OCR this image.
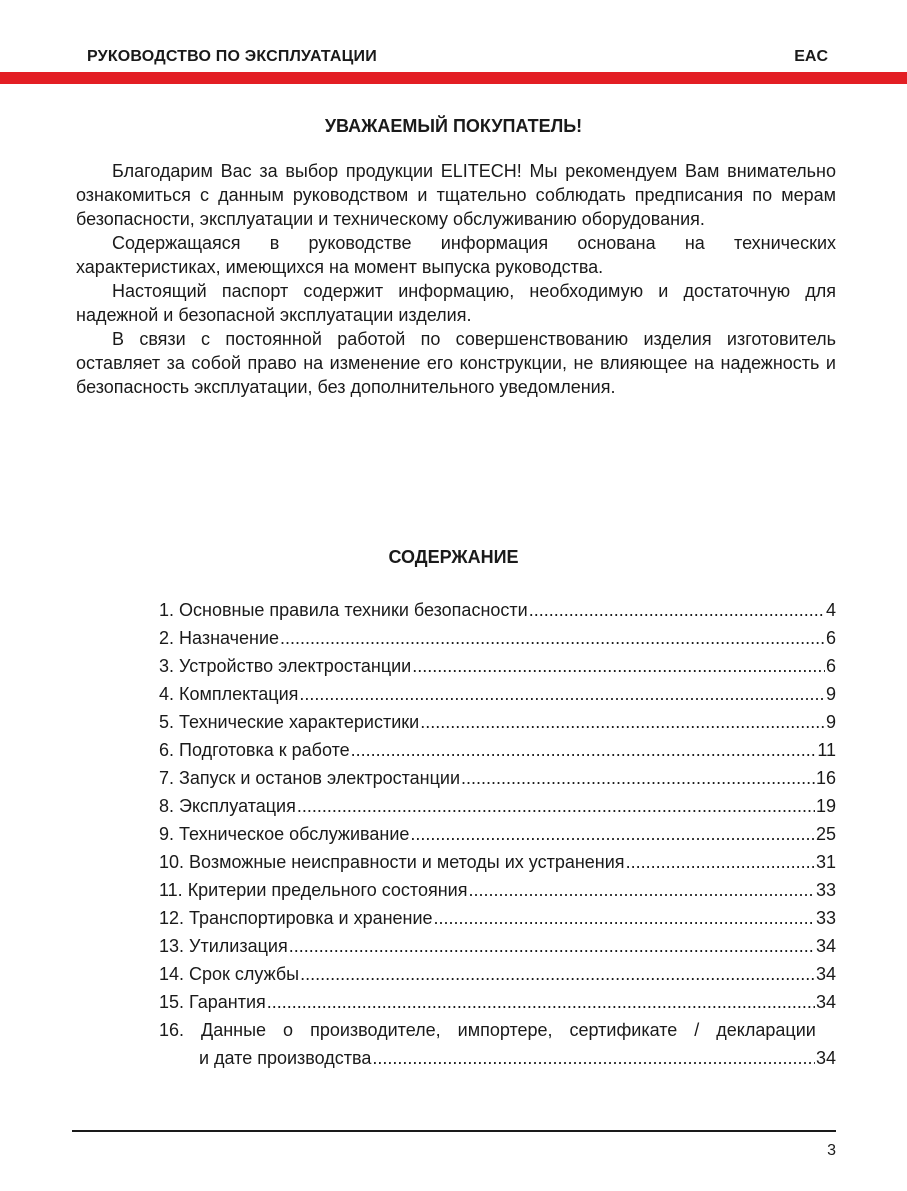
РУКОВОДСТВО ПО ЭКСПЛУАТАЦИИ	EAC
УВАЖАЕМЫЙ ПОКУПАТЕЛЬ!

Благодарим Вас за выбор продукции ELITECH! Мы рекомендуем Вам внимательно ознакомиться с данным руководством и тщательно соблюдать предписания по мерам безопасности, эксплуатации и техническому обслуживанию оборудования.

Содержащаяся в руководстве информация основана на технических характеристиках, имеющихся на момент выпуска руководства.

Настоящий паспорт содержит информацию, необходимую и достаточную для надежной и безопасной эксплуатации изделия.

В связи с постоянной работой по совершенствованию изделия изготовитель оставляет за собой право на изменение его конструкции, не влияющее на надежность и безопасность эксплуатации, без дополнительного уведомления.

СОДЕРЖАНИЕ
1. Основные правила техники безопасности .....	4
2. Назначение .....	6
3. Устройство электростанции .....	6
4. Комплектация .....	9
5. Технические характеристики .....	9
6. Подготовка к работе .....	11
7. Запуск и останов электростанции .....	16
8. Эксплуатация .....	19
9. Техническое обслуживание .....	25
10. Возможные неисправности и методы их устранения .....	31
11. Критерии предельного состояния .....	33
12. Транспортировка и хранение .....	33
13. Утилизация .....	34
14. Срок службы .....	34
15. Гарантия .....	34
16. Данные о производителе, импортере, сертификате / декларации
и дате производства .....	34
3
